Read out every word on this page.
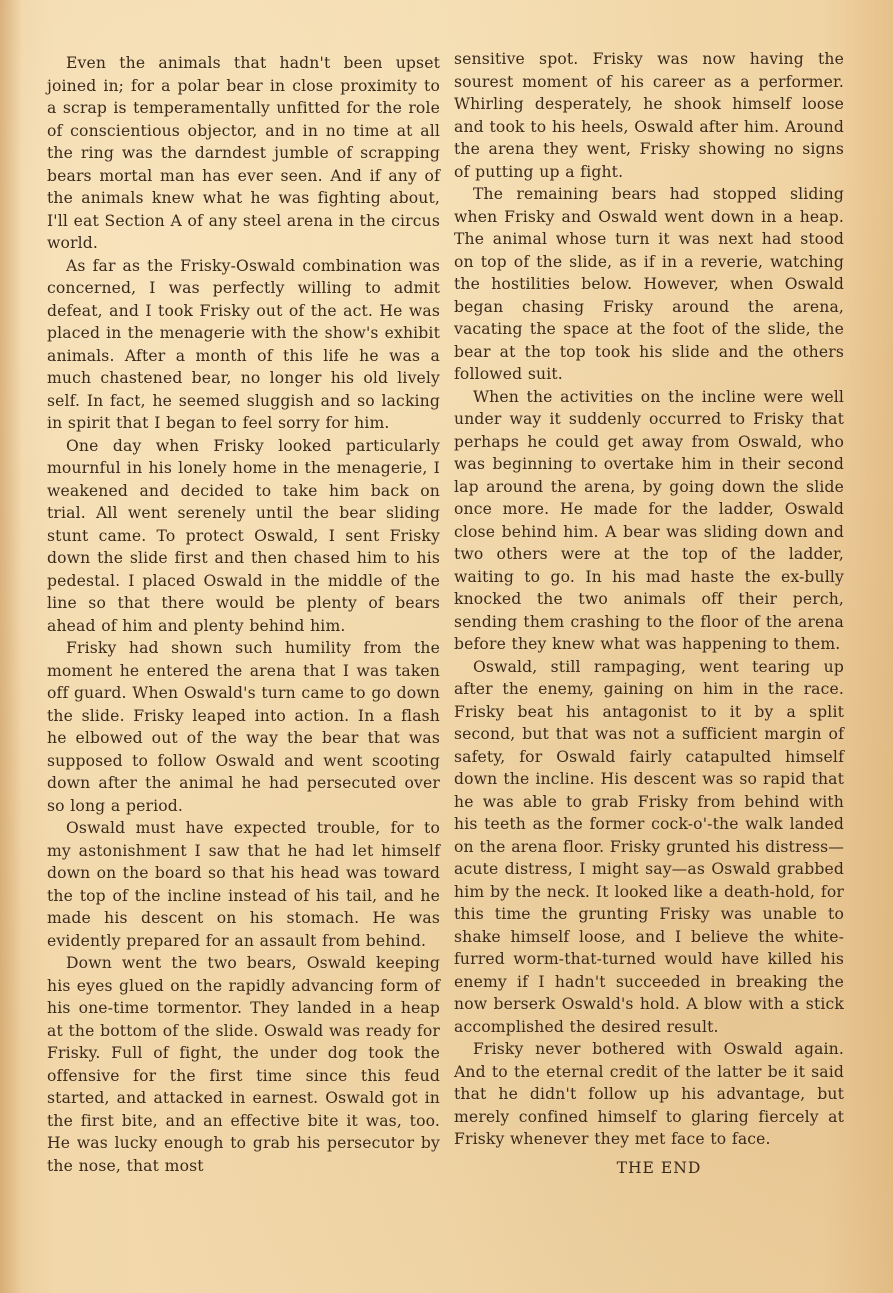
Even the animals that hadn't been upset joined in; for a polar bear in close proximity to a scrap is temperamentally unfitted for the role of conscientious objector, and in no time at all the ring was the darndest jumble of scrapping bears mortal man has ever seen. And if any of the animals knew what he was fighting about, I'll eat Section A of any steel arena in the circus world.

As far as the Frisky-Oswald combination was concerned, I was perfectly willing to admit defeat, and I took Frisky out of the act. He was placed in the menagerie with the show's exhibit animals. After a month of this life he was a much chastened bear, no longer his old lively self. In fact, he seemed sluggish and so lacking in spirit that I began to feel sorry for him.

One day when Frisky looked particularly mournful in his lonely home in the menagerie, I weakened and decided to take him back on trial. All went serenely until the bear sliding stunt came. To protect Oswald, I sent Frisky down the slide first and then chased him to his pedestal. I placed Oswald in the middle of the line so that there would be plenty of bears ahead of him and plenty behind him.

Frisky had shown such humility from the moment he entered the arena that I was taken off guard. When Oswald's turn came to go down the slide. Frisky leaped into action. In a flash he elbowed out of the way the bear that was supposed to follow Oswald and went scooting down after the animal he had persecuted over so long a period.

Oswald must have expected trouble, for to my astonishment I saw that he had let himself down on the board so that his head was toward the top of the incline instead of his tail, and he made his descent on his stomach. He was evidently prepared for an assault from behind.

Down went the two bears, Oswald keeping his eyes glued on the rapidly advancing form of his one-time tormentor. They landed in a heap at the bottom of the slide. Oswald was ready for Frisky. Full of fight, the under dog took the offensive for the first time since this feud started, and attacked in earnest. Oswald got in the first bite, and an effective bite it was, too. He was lucky enough to grab his persecutor by the nose, that most

sensitive spot. Frisky was now having the sourest moment of his career as a performer. Whirling desperately, he shook himself loose and took to his heels, Oswald after him. Around the arena they went, Frisky showing no signs of putting up a fight.

The remaining bears had stopped sliding when Frisky and Oswald went down in a heap. The animal whose turn it was next had stood on top of the slide, as if in a reverie, watching the hostilities below. However, when Oswald began chasing Frisky around the arena, vacating the space at the foot of the slide, the bear at the top took his slide and the others followed suit.

When the activities on the incline were well under way it suddenly occurred to Frisky that perhaps he could get away from Oswald, who was beginning to overtake him in their second lap around the arena, by going down the slide once more. He made for the ladder, Oswald close behind him. A bear was sliding down and two others were at the top of the ladder, waiting to go. In his mad haste the ex-bully knocked the two animals off their perch, sending them crashing to the floor of the arena before they knew what was happening to them.

Oswald, still rampaging, went tearing up after the enemy, gaining on him in the race. Frisky beat his antagonist to it by a split second, but that was not a sufficient margin of safety, for Oswald fairly catapulted himself down the incline. His descent was so rapid that he was able to grab Frisky from behind with his teeth as the former cock-o'-the walk landed on the arena floor. Frisky grunted his distress—acute distress, I might say—as Oswald grabbed him by the neck. It looked like a death-hold, for this time the grunting Frisky was unable to shake himself loose, and I believe the white-furred worm-that-turned would have killed his enemy if I hadn't succeeded in breaking the now berserk Oswald's hold. A blow with a stick accomplished the desired result.

Frisky never bothered with Oswald again. And to the eternal credit of the latter be it said that he didn't follow up his advantage, but merely confined himself to glaring fiercely at Frisky whenever they met face to face.

THE END
